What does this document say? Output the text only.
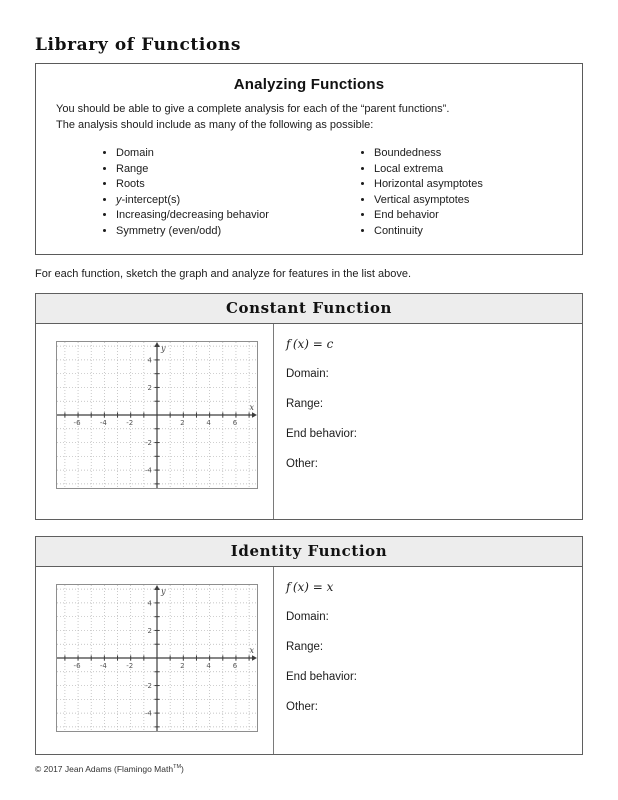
Library of Functions
Analyzing Functions

You should be able to give a complete analysis for each of the “parent functions”.
The analysis should include as many of the following as possible:

• Domain
• Range
• Roots
• y-intercept(s)
• Increasing/decreasing behavior
• Symmetry (even/odd)
• Boundedness
• Local extrema
• Horizontal asymptotes
• Vertical asymptotes
• End behavior
• Continuity

For each function, sketch the graph and analyze for features in the list above.

Constant Function
-6	-4	-2	2	4	6
-4
-2
2
4
x
y	f (x) = c
Domain:
Range:
End behavior:
Other:
Identity Function
-6	-4	-2	2	4	6
-4
-2
2
4
x
y	f (x) = x
Domain:
Range:
End behavior:
Other:
© 2017 Jean Adams (Flamingo Math™)
